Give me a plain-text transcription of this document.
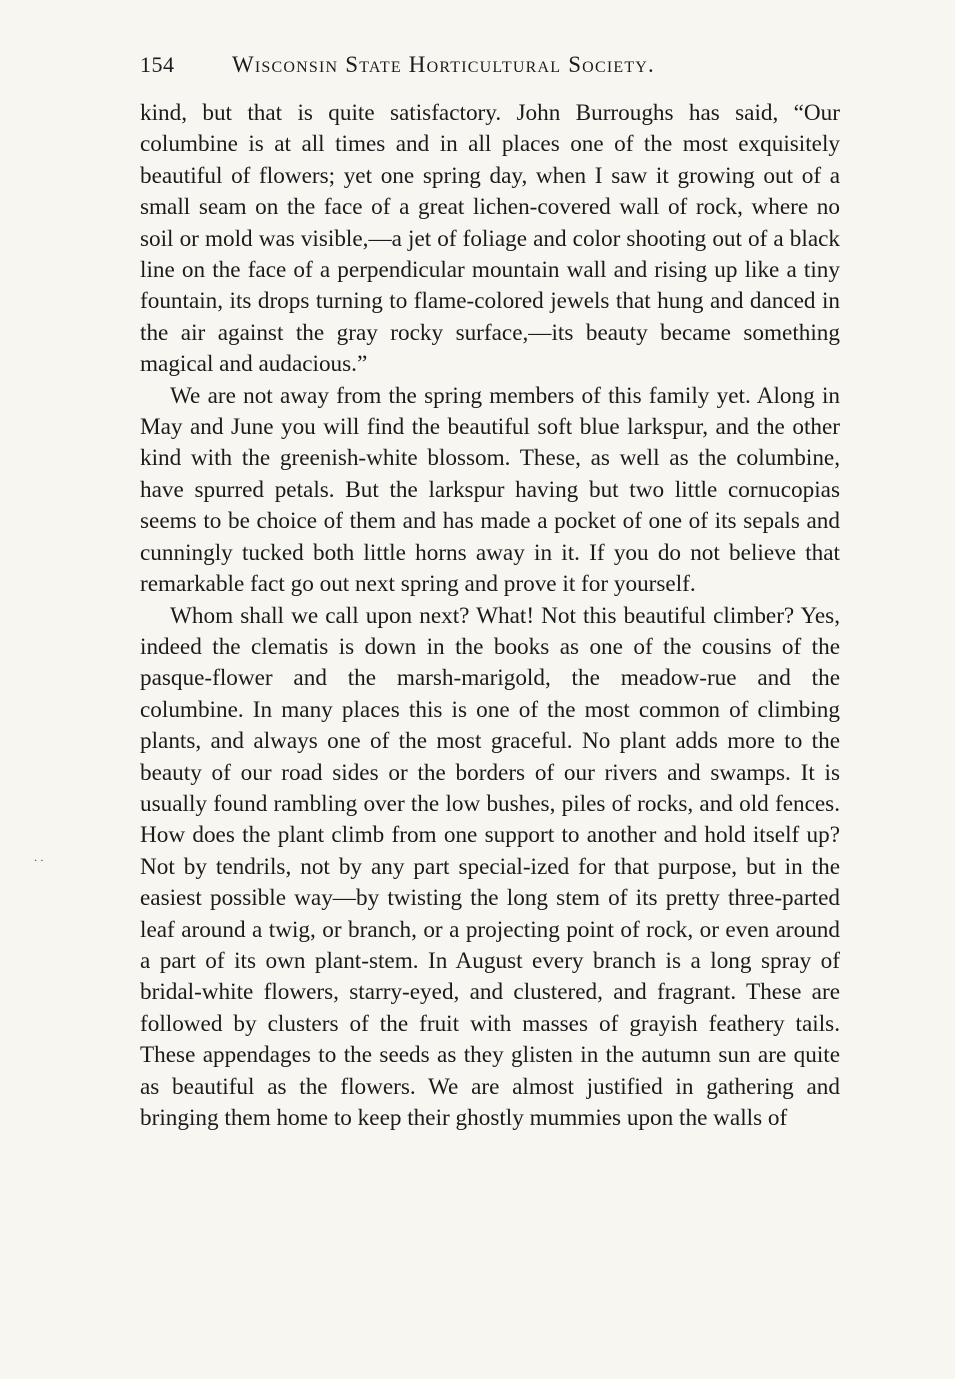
154	Wisconsin State Horticultural Society.

kind, but that is quite satisfactory. John Burroughs has said, “Our columbine is at all times and in all places one of the most exquisitely beautiful of flowers; yet one spring day, when I saw it growing out of a small seam on the face of a great lichen-covered wall of rock, where no soil or mold was visible,—a jet of foliage and color shooting out of a black line on the face of a perpendicular mountain wall and rising up like a tiny fountain, its drops turning to flame-colored jewels that hung and danced in the air against the gray rocky surface,—its beauty became something magical and audacious.”

We are not away from the spring members of this family yet. Along in May and June you will find the beautiful soft blue larkspur, and the other kind with the greenish-white blossom. These, as well as the columbine, have spurred petals. But the larkspur having but two little cornucopias seems to be choice of them and has made a pocket of one of its sepals and cunningly tucked both little horns away in it. If you do not believe that remarkable fact go out next spring and prove it for yourself.

Whom shall we call upon next? What! Not this beautiful climber? Yes, indeed the clematis is down in the books as one of the cousins of the pasque-flower and the marsh-marigold, the meadow-rue and the columbine. In many places this is one of the most common of climbing plants, and always one of the most graceful. No plant adds more to the beauty of our road sides or the borders of our rivers and swamps. It is usually found rambling over the low bushes, piles of rocks, and old fences. How does the plant climb from one support to another and hold itself up? Not by tendrils, not by any part special-ized for that purpose, but in the easiest possible way—by twisting the long stem of its pretty three-parted leaf around a twig, or branch, or a projecting point of rock, or even around a part of its own plant-stem. In August every branch is a long spray of bridal-white flowers, starry-eyed, and clustered, and fragrant. These are followed by clusters of the fruit with masses of grayish feathery tails. These appendages to the seeds as they glisten in the autumn sun are quite as beautiful as the flowers. We are almost justified in gathering and bringing them home to keep their ghostly mummies upon the walls of

· ·
